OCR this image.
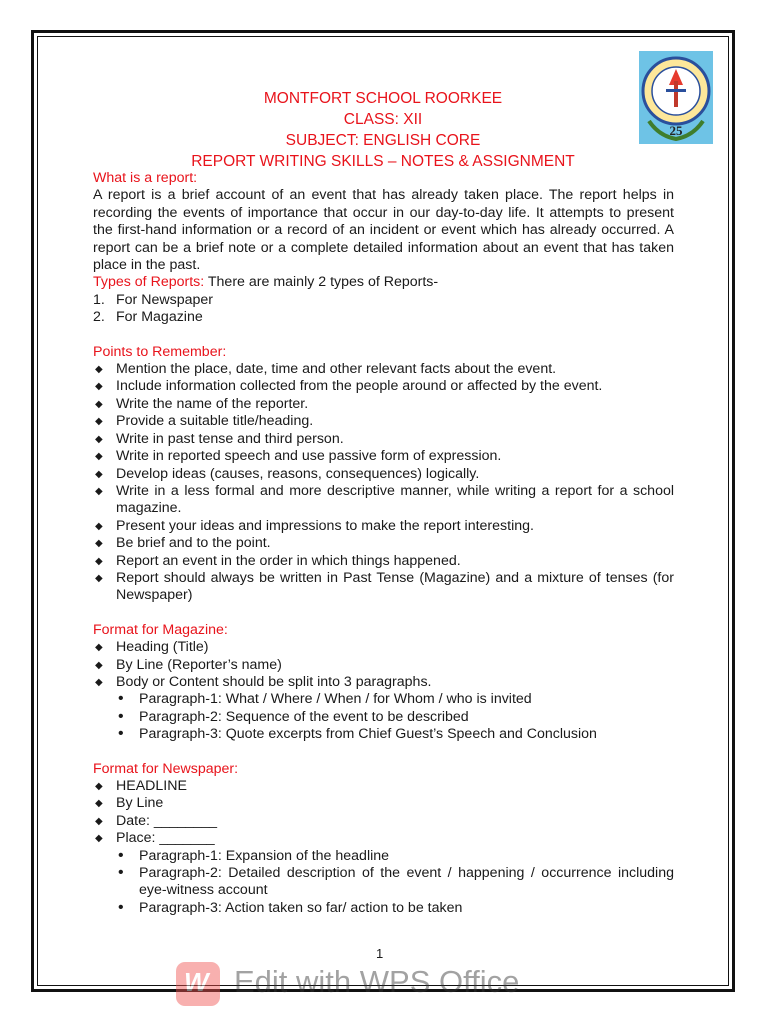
25
MONTFORT SCHOOL ROORKEE
CLASS: XII
SUBJECT: ENGLISH CORE
REPORT WRITING SKILLS – NOTES & ASSIGNMENT

What is a report:

A report is a brief account of an event that has already taken place. The report helps in recording the events of importance that occur in our day-to-day life. It attempts to present the first-hand information or a record of an incident or event which has already occurred. A report can be a brief note or a complete detailed information about an event that has taken place in the past.

Types of Reports: There are mainly 2 types of Reports-

1. For Newspaper
2. For Magazine

Points to Remember:

◆ Mention the place, date, time and other relevant facts about the event.
◆ Include information collected from the people around or affected by the event.
◆ Write the name of the reporter.
◆ Provide a suitable title/heading.
◆ Write in past tense and third person.
◆ Write in reported speech and use passive form of expression.
◆ Develop ideas (causes, reasons, consequences) logically.
◆ Write in a less formal and more descriptive manner, while writing a report for a school magazine.
◆ Present your ideas and impressions to make the report interesting.
◆ Be brief and to the point.
◆ Report an event in the order in which things happened.
◆ Report should always be written in Past Tense (Magazine) and a mixture of tenses (for Newspaper)

Format for Magazine:

◆ Heading (Title)
◆ By Line (Reporter’s name)
◆ Body or Content should be split into 3 paragraphs.
• Paragraph-1: What / Where / When / for Whom / who is invited
• Paragraph-2: Sequence of the event to be described
• Paragraph-3: Quote excerpts from Chief Guest’s Speech and Conclusion

Format for Newspaper:

◆ HEADLINE
◆ By Line
◆ Date: ________
◆ Place: _______
• Paragraph-1: Expansion of the headline
• Paragraph-2: Detailed description of the event / happening / occurrence including eye-witness account
• Paragraph-3: Action taken so far/ action to be taken
1
W Edit with WPS Office
